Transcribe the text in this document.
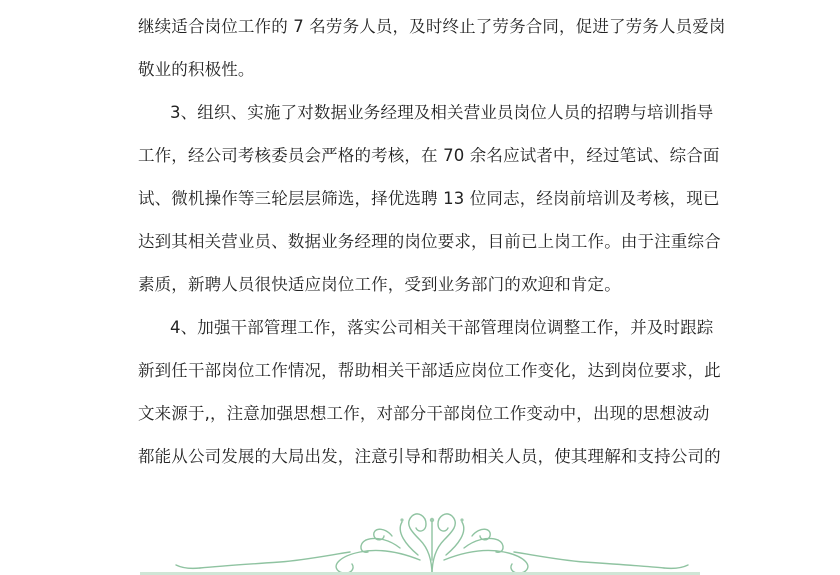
继续适合岗位工作的 7 名劳务人员，及时终止了劳务合同，促进了劳务人员爱岗
敬业的积极性。
3、组织、实施了对数据业务经理及相关营业员岗位人员的招聘与培训指导
工作，经公司考核委员会严格的考核，在 70 余名应试者中，经过笔试、综合面
试、微机操作等三轮层层筛选，择优选聘 13 位同志，经岗前培训及考核，现已
达到其相关营业员、数据业务经理的岗位要求，目前已上岗工作。由于注重综合
素质，新聘人员很快适应岗位工作，受到业务部门的欢迎和肯定。
4、加强干部管理工作，落实公司相关干部管理岗位调整工作，并及时跟踪
新到任干部岗位工作情况，帮助相关干部适应岗位工作变化，达到岗位要求，此
文来源于,，注意加强思想工作，对部分干部岗位工作变动中，出现的思想波动
都能从公司发展的大局出发，注意引导和帮助相关人员，使其理解和支持公司的
